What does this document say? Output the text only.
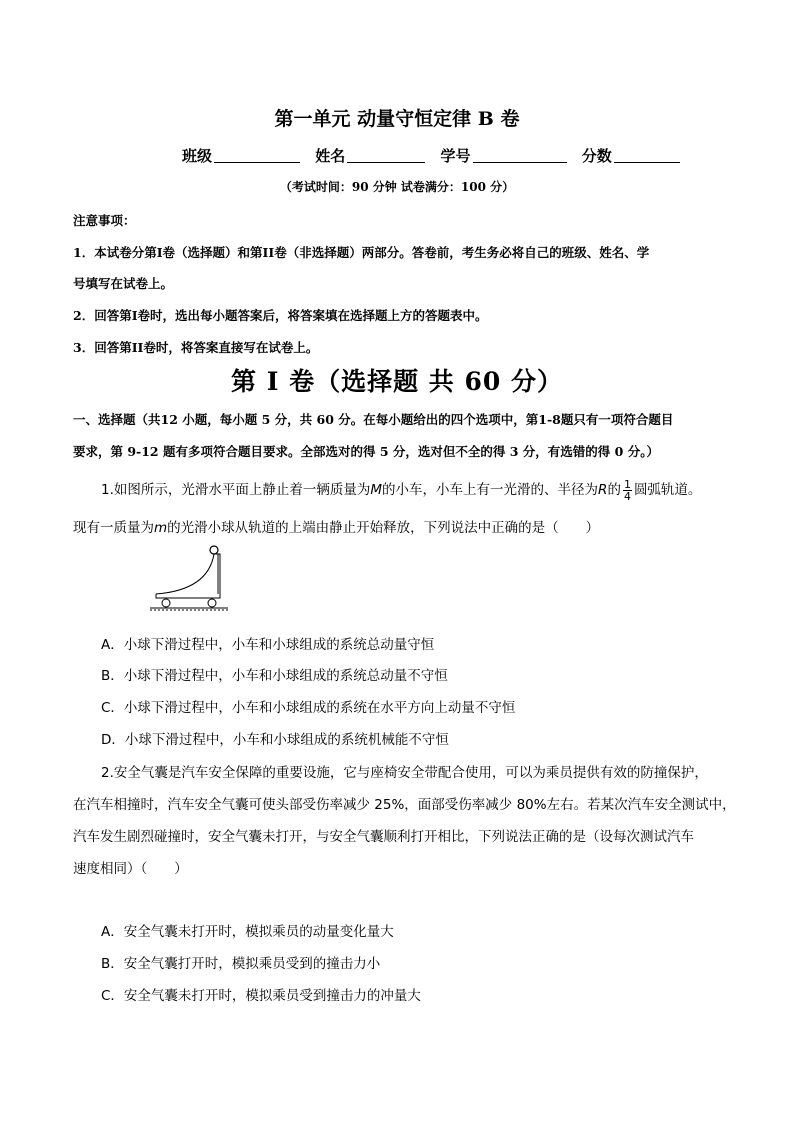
第一单元 动量守恒定律 B 卷
班级	姓名	学号	分数
（考试时间：90 分钟 试卷满分：100 分）
注意事项：
1．本试卷分第I卷（选择题）和第II卷（非选择题）两部分。答卷前，考生务必将自己的班级、姓名、学
号填写在试卷上。
2．回答第I卷时，选出每小题答案后，将答案填在选择题上方的答题表中。
3．回答第II卷时，将答案直接写在试卷上。
第 I 卷（选择题 共 60 分）
一、选择题（共12 小题，每小题 5 分，共 60 分。在每小题给出的四个选项中，第1-8题只有一项符合题目
要求，第 9-12 题有多项符合题目要求。全部选对的得 5 分，选对但不全的得 3 分，有选错的得 0 分。）
1.如图所示，光滑水平面上静止着一辆质量为M的小车，小车上有一光滑的、半径为R的 $\frac{1}{4}$ 圆弧轨道。
现有一质量为m的光滑小球从轨道的上端由静止开始释放，下列说法中正确的是（　　）
A．小球下滑过程中，小车和小球组成的系统总动量守恒
B．小球下滑过程中，小车和小球组成的系统总动量不守恒
C．小球下滑过程中，小车和小球组成的系统在水平方向上动量不守恒
D．小球下滑过程中，小车和小球组成的系统机械能不守恒
2.安全气囊是汽车安全保障的重要设施，它与座椅安全带配合使用，可以为乘员提供有效的防撞保护，
在汽车相撞时，汽车安全气囊可使头部受伤率减少 25%，面部受伤率减少 80%左右。若某次汽车安全测试中，
汽车发生剧烈碰撞时，安全气囊未打开，与安全气囊顺利打开相比，下列说法正确的是（设每次测试汽车
速度相同）（　　）
A．安全气囊未打开时，模拟乘员的动量变化量大
B．安全气囊打开时，模拟乘员受到的撞击力小
C．安全气囊未打开时，模拟乘员受到撞击力的冲量大
